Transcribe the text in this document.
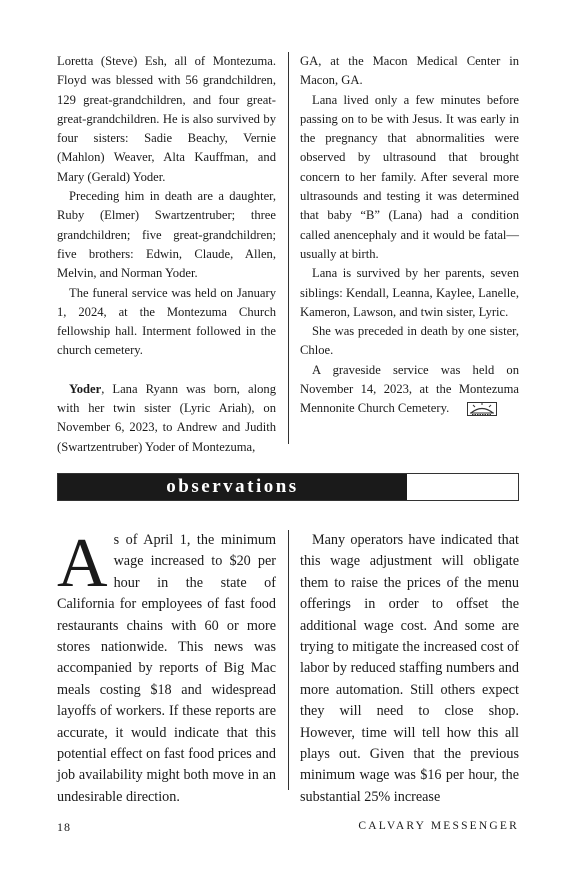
Loretta (Steve) Esh, all of Montezuma. Floyd was blessed with 56 grandchildren, 129 great-grandchildren, and four great-great-grandchildren. He is also survived by four sisters: Sadie Beachy, Vernie (Mahlon) Weaver, Alta Kauffman, and Mary (Gerald) Yoder.

Preceding him in death are a daughter, Ruby (Elmer) Swartzentruber; three grandchildren; five great-grandchildren; five brothers: Edwin, Claude, Allen, Melvin, and Norman Yoder.

The funeral service was held on January 1, 2024, at the Montezuma Church fellowship hall. Interment followed in the church cemetery.

Yoder, Lana Ryann was born, along with her twin sister (Lyric Ariah), on November 6, 2023, to Andrew and Judith (Swartzentruber) Yoder of Montezuma,

GA, at the Macon Medical Center in Macon, GA.

Lana lived only a few minutes before passing on to be with Jesus. It was early in the pregnancy that abnormalities were observed by ultrasound that brought concern to her family. After several more ultrasounds and testing it was determined that baby “B” (Lana) had a condition called anencephaly and it would be fatal—usually at birth.

Lana is survived by her parents, seven siblings: Kendall, Leanna, Kaylee, Lanelle, Kameron, Lawson, and twin sister, Lyric.

She was preceded in death by one sister, Chloe.

A graveside service was held on November 14, 2023, at the Montezuma Mennonite Church Cemetery.

observations

As of April 1, the minimum wage increased to $20 per hour in the state of California for employees of fast food restaurants chains with 60 or more stores nationwide. This news was accompanied by reports of Big Mac meals costing $18 and widespread layoffs of workers. If these reports are accurate, it would indicate that this potential effect on fast food prices and job availability might both move in an undesirable direction.

Many operators have indicated that this wage adjustment will obligate them to raise the prices of the menu offerings in order to offset the additional wage cost. And some are trying to mitigate the increased cost of labor by reduced staffing numbers and more automation. Still others expect they will need to close shop. However, time will tell how this all plays out. Given that the previous minimum wage was $16 per hour, the substantial 25% increase

18	CALVARY MESSENGER
